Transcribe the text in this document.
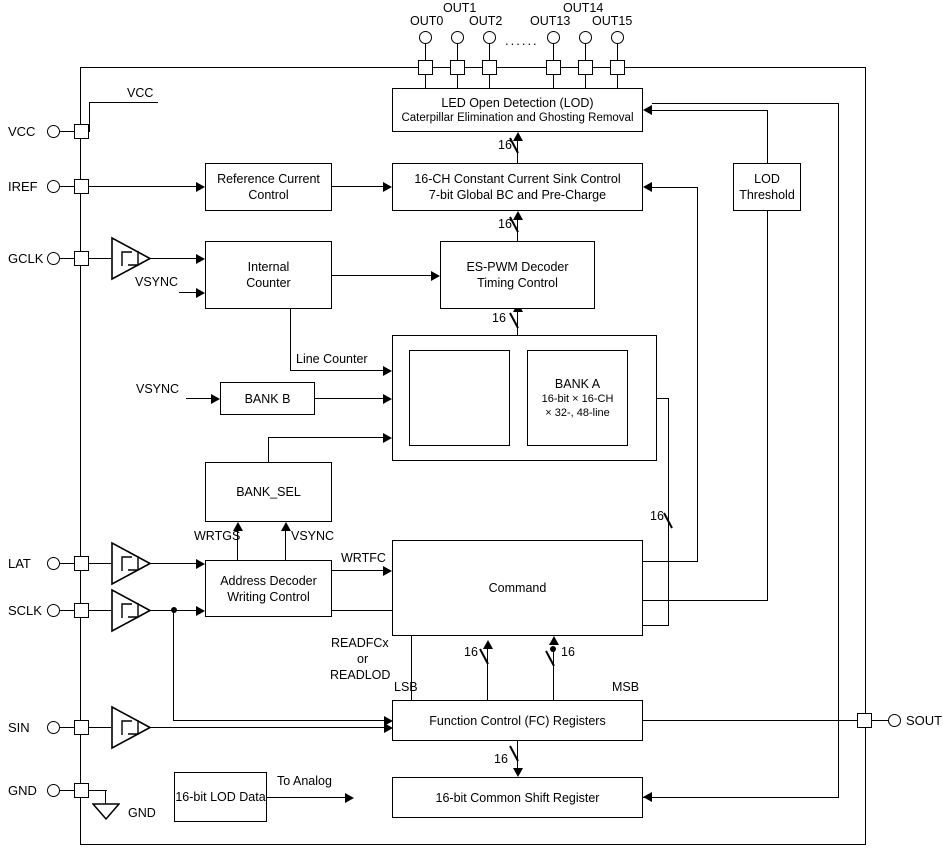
OUT0
OUT1
OUT2 OUT13
OUT14
OUT15
......
VCC
VCC
IREF
GCLK
VSYNC
VSYNC
LAT
SCLK
SIN
GND
GND
SOUT
LED Open Detection (LOD)
Caterpillar Elimination and Ghosting Removal
Reference Current
Control
16-CH Constant Current Sink Control
7-bit Global BC and Pre-Charge
LOD
Threshold
Internal
Counter
ES-PWM Decoder
Timing Control
BANK A
16-bit × 16-CH
× 32-, 48-line
BANK B
BANK_SEL
Address Decoder
Writing Control
Command
Function Control (FC) Registers
16-bit Common Shift Register
16-bit LOD Data
16
16
16
Line Counter
WRTGS	VSYNC
WRTFC
READFCx
or
READLOD
16	16
16
LSB	MSB
To Analog
16
